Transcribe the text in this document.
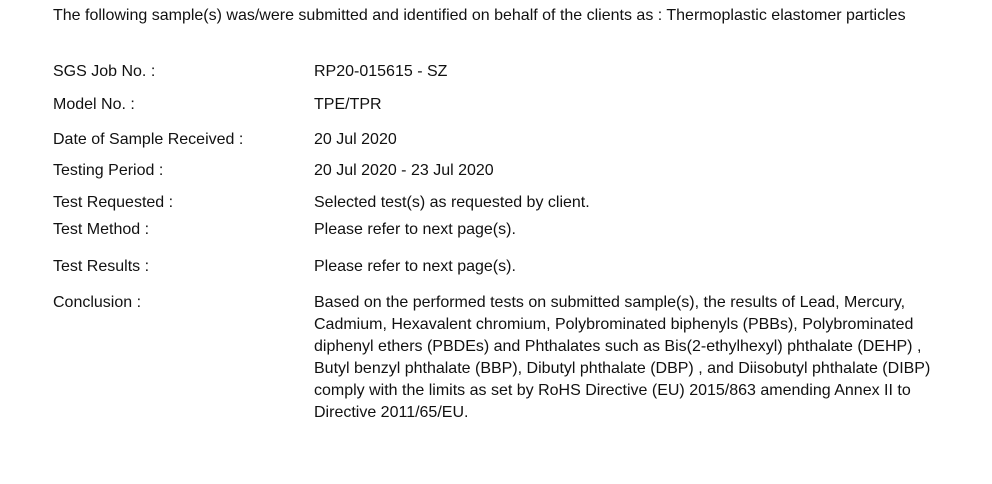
The following sample(s) was/were submitted and identified on behalf of the clients as : Thermoplastic elastomer particles
SGS Job No. :	RP20-015615 - SZ
Model No. :	TPE/TPR
Date of Sample Received :	20 Jul 2020
Testing Period :	20 Jul 2020 - 23 Jul 2020
Test Requested :	Selected test(s) as requested by client.
Test Method :	Please refer to next page(s).
Test Results :	Please refer to next page(s).
Conclusion :	Based on the performed tests on submitted sample(s), the results of Lead, Mercury, Cadmium, Hexavalent chromium, Polybrominated biphenyls (PBBs), Polybrominated diphenyl ethers (PBDEs) and Phthalates such as Bis(2-ethylhexyl) phthalate (DEHP) , Butyl benzyl phthalate (BBP), Dibutyl phthalate (DBP) , and Diisobutyl phthalate (DIBP) comply with the limits as set by RoHS Directive (EU) 2015/863 amending Annex II to Directive 2011/65/EU.
